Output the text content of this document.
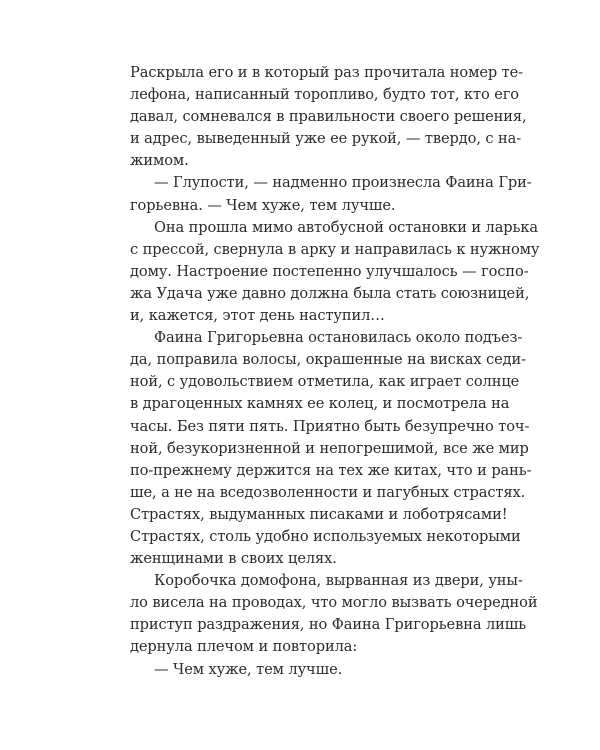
Раскрыла его и в который раз прочитала номер те-
лефона, написанный торопливо, будто тот, кто его
давал, сомневался в правильности своего решения,
и адрес, выведенный уже ее рукой, — твердо, с на-
жимом.
— Глупости, — надменно произнесла Фаина Гри-
горьевна. — Чем хуже, тем лучше.
Она прошла мимо автобусной остановки и ларька
с прессой, свернула в арку и направилась к нужному
дому. Настроение постепенно улучшалось — госпо-
жа Удача уже давно должна была стать союзницей,
и, кажется, этот день наступил…
Фаина Григорьевна остановилась около подъез-
да, поправила волосы, окрашенные на висках седи-
ной, с удовольствием отметила, как играет солнце
в драгоценных камнях ее колец, и посмотрела на
часы. Без пяти пять. Приятно быть безупречно точ-
ной, безукоризненной и непогрешимой, все же мир
по-прежнему держится на тех же китах, что и рань-
ше, а не на вседозволенности и пагубных страстях.
Страстях, выдуманных писаками и лоботрясами!
Страстях, столь удобно используемых некоторыми
женщинами в своих целях.
Коробочка домофона, вырванная из двери, уны-
ло висела на проводах, что могло вызвать очередной
приступ раздражения, но Фаина Григорьевна лишь
дернула плечом и повторила:
— Чем хуже, тем лучше.
